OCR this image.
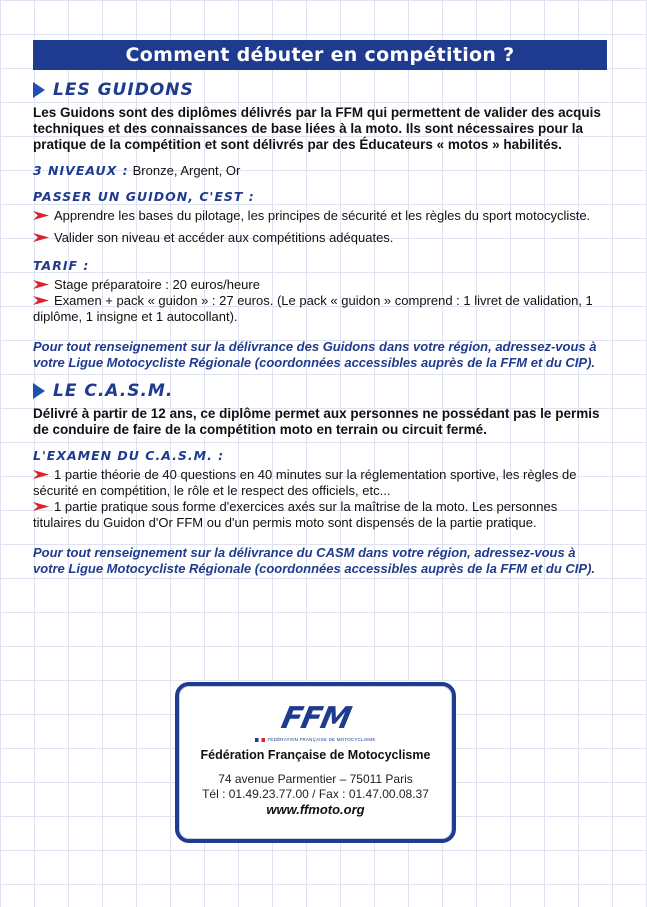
Comment débuter en compétition ?
LES GUIDONS

Les Guidons sont des diplômes délivrés par la FFM qui permettent de valider des acquis techniques et des connaissances de base liées à la moto. Ils sont nécessaires pour la pratique de la compétition et sont délivrés par des Éducateurs « motos » habilités.

3 NIVEAUX : Bronze, Argent, Or
PASSER UN GUIDON, C'EST :
Apprendre les bases du pilotage, les principes de sécurité et les règles du sport motocycliste.
Valider son niveau et accéder aux compétitions adéquates.
TARIF :
Stage préparatoire : 20 euros/heure
Examen + pack « guidon » : 27 euros. (Le pack « guidon » comprend : 1 livret de validation, 1 diplôme, 1 insigne et 1 autocollant).

Pour tout renseignement sur la délivrance des Guidons dans votre région, adressez-vous à votre Ligue Motocycliste Régionale (coordonnées accessibles auprès de la FFM et du CIP).

LE C.A.S.M.

Délivré à partir de 12 ans, ce diplôme permet aux personnes ne possédant pas le permis de conduire de faire de la compétition moto en terrain ou circuit fermé.

L'EXAMEN DU C.A.S.M. :
1 partie théorie de 40 questions en 40 minutes sur la réglementation sportive, les règles de sécurité en compétition, le rôle et le respect des officiels, etc...
1 partie pratique sous forme d'exercices axés sur la maîtrise de la moto. Les personnes titulaires du Guidon d'Or FFM ou d'un permis moto sont dispensés de la partie pratique.

Pour tout renseignement sur la délivrance du CASM dans votre région, adressez-vous à votre Ligue Motocycliste Régionale (coordonnées accessibles auprès de la FFM et du CIP).

FFM
FÉDÉRATION FRANÇAISE DE MOTOCYCLISME
Fédération Française de Motocyclisme
74 avenue Parmentier – 75011 Paris
Tél : 01.49.23.77.00 / Fax : 01.47.00.08.37
www.ffmoto.org
